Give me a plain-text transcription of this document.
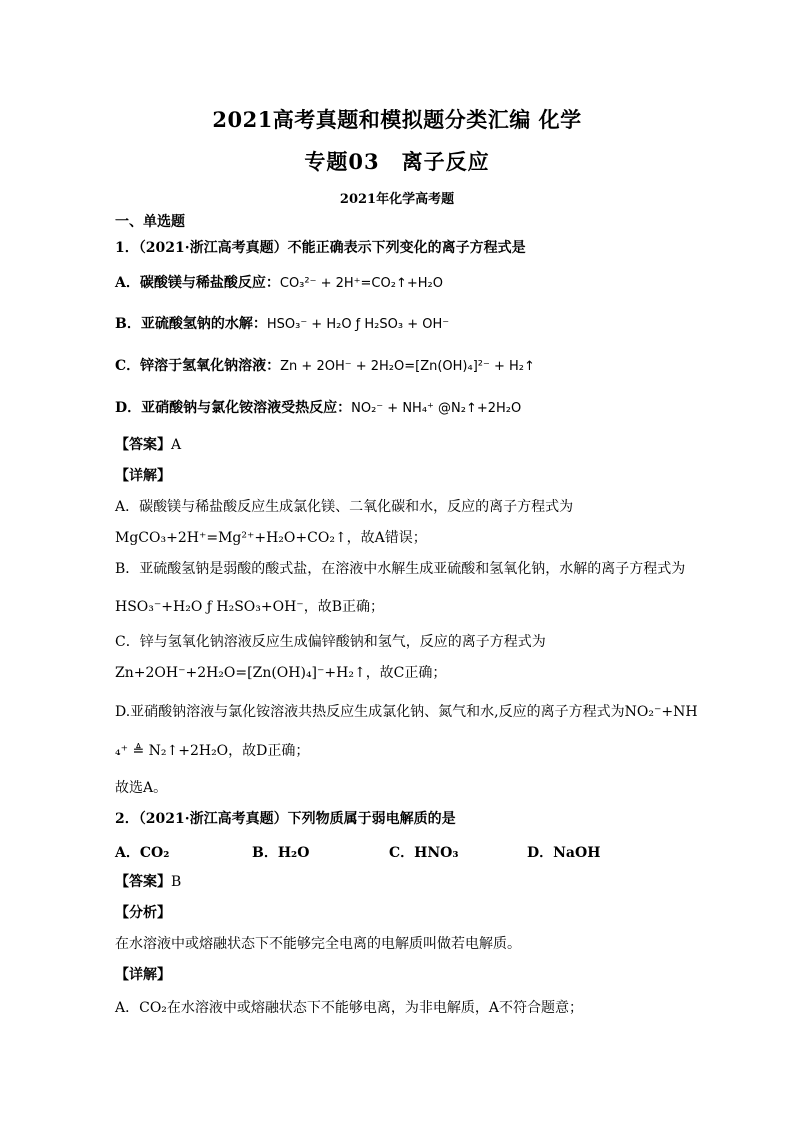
2021高考真题和模拟题分类汇编 化学
专题03　离子反应
2021年化学高考题
一、单选题
1．（2021·浙江高考真题）不能正确表示下列变化的离子方程式是
A．碳酸镁与稀盐酸反应：CO₃²⁻ + 2H⁺=CO₂↑+H₂O
B．亚硫酸氢钠的水解：HSO₃⁻ + H₂O ƒ H₂SO₃ + OH⁻
C．锌溶于氢氧化钠溶液：Zn + 2OH⁻ + 2H₂O=[Zn(OH)₄]²⁻ + H₂↑
D．亚硝酸钠与氯化铵溶液受热反应：NO₂⁻ + NH₄⁺ @N₂↑+2H₂O
【答案】A
【详解】
A．碳酸镁与稀盐酸反应生成氯化镁、二氧化碳和水，反应的离子方程式为
MgCO₃+2H⁺=Mg²⁺+H₂O+CO₂↑，故A错误；
B．亚硫酸氢钠是弱酸的酸式盐，在溶液中水解生成亚硫酸和氢氧化钠，水解的离子方程式为
HSO₃⁻+H₂O ƒ H₂SO₃+OH⁻，故B正确；
C．锌与氢氧化钠溶液反应生成偏锌酸钠和氢气，反应的离子方程式为
Zn+2OH⁻+2H₂O=[Zn(OH)₄]⁻+H₂↑，故C正确；
D.亚硝酸钠溶液与氯化铵溶液共热反应生成氯化钠、氮气和水,反应的离子方程式为NO₂⁻+NH
₄⁺ ≜ N₂↑+2H₂O，故D正确；
故选A。
2．（2021·浙江高考真题）下列物质属于弱电解质的是
A．CO₂	B．H₂O	C．HNO₃	D．NaOH
【答案】B
【分析】
在水溶液中或熔融状态下不能够完全电离的电解质叫做若电解质。
【详解】
A．CO₂在水溶液中或熔融状态下不能够电离，为非电解质，A不符合题意；
